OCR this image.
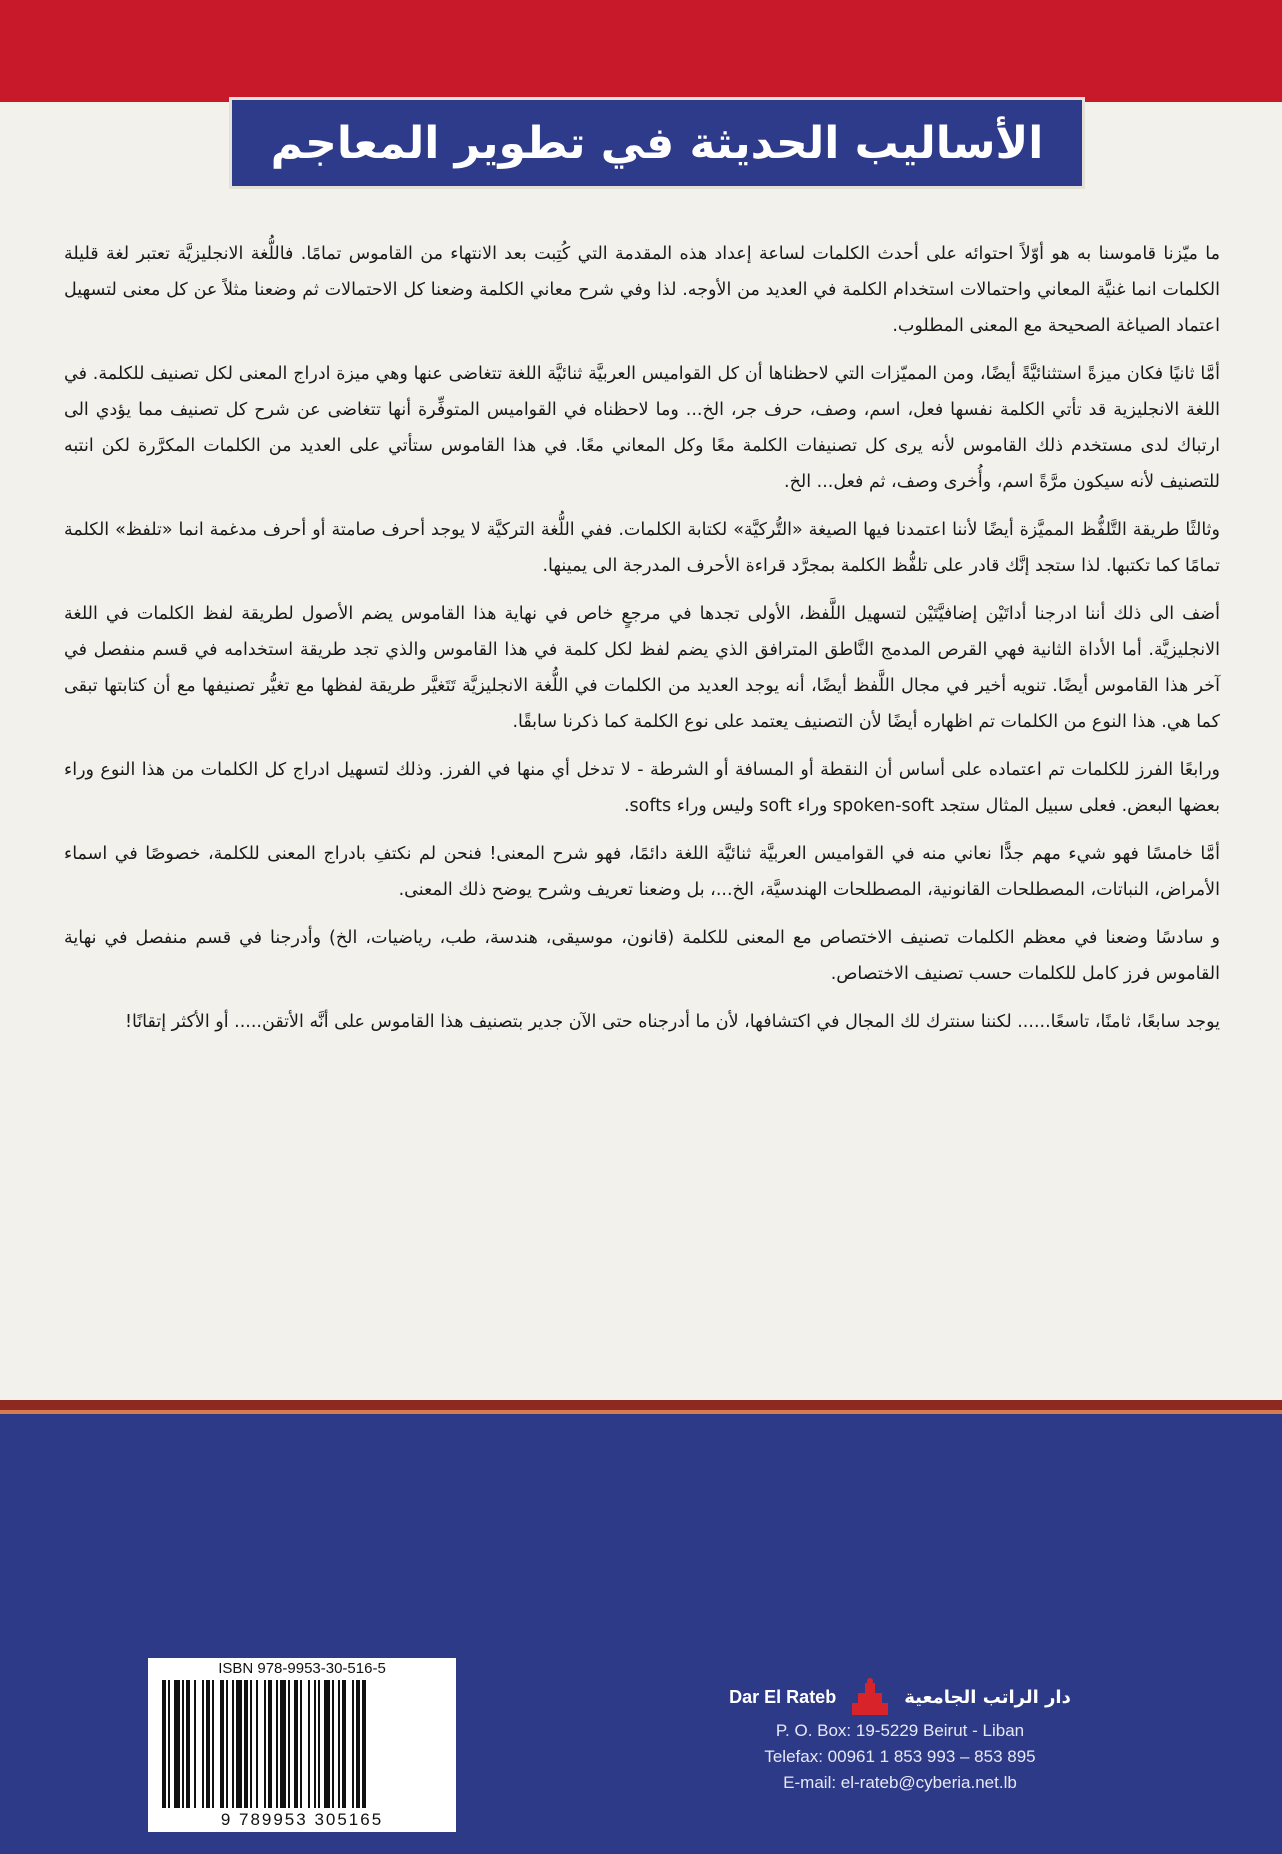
الأساليب الحديثة في تطوير المعاجم

ما ميّزنا قاموسنا به هو أوّلاً احتوائه على أحدث الكلمات لساعة إعداد هذه المقدمة التي كُتِبت بعد الانتهاء من القاموس تمامًا. فاللُّغة الانجليزيَّة تعتبر لغة قليلة الكلمات انما غنيَّة المعاني واحتمالات استخدام الكلمة في العديد من الأوجه. لذا وفي شرح معاني الكلمة وضعنا كل الاحتمالات ثم وضعنا مثلاً عن كل معنى لتسهيل اعتماد الصياغة الصحيحة مع المعنى المطلوب.

أمَّا ثانيًا فكان ميزةً استثنائيَّةً أيضًا، ومن المميّزات التي لاحظناها أن كل القواميس العربيَّة ثنائيَّة اللغة تتغاضى عنها وهي ميزة ادراج المعنى لكل تصنيف للكلمة. في اللغة الانجليزية قد تأتي الكلمة نفسها فعل، اسم، وصف، حرف جر، الخ... وما لاحظناه في القواميس المتوفِّرة أنها تتغاضى عن شرح كل تصنيف مما يؤدي الى ارتباك لدى مستخدم ذلك القاموس لأنه يرى كل تصنيفات الكلمة معًا وكل المعاني معًا. في هذا القاموس ستأتي على العديد من الكلمات المكرَّرة لكن انتبه للتصنيف لأنه سيكون مرَّةً اسم، وأُخرى وصف، ثم فعل... الخ.

وثالثًا طريقة التَّلفُّظ المميَّزة أيضًا لأننا اعتمدنا فيها الصيغة «التُّركيَّة» لكتابة الكلمات. ففي اللُّغة التركيَّة لا يوجد أحرف صامتة أو أحرف مدغمة انما «تلفظ» الكلمة تمامًا كما تكتبها. لذا ستجد إنَّك قادر على تلفُّظ الكلمة بمجرَّد قراءة الأحرف المدرجة الى يمينها.

أضف الى ذلك أننا ادرجنا أداتَيْن إضافيَّتَيْن لتسهيل اللَّفظ، الأولى تجدها في مرجعٍ خاص في نهاية هذا القاموس يضم الأصول لطريقة لفظ الكلمات في اللغة الانجليزيَّة. أما الأداة الثانية فهي القرص المدمج النَّاطق المترافق الذي يضم لفظ لكل كلمة في هذا القاموس والذي تجد طريقة استخدامه في قسم منفصل في آخر هذا القاموس أيضًا. تنويه أخير في مجال اللَّفظ أيضًا، أنه يوجد العديد من الكلمات في اللُّغة الانجليزيَّة تَتَغيَّر طريقة لفظها مع تغيُّر تصنيفها مع أن كتابتها تبقى كما هي. هذا النوع من الكلمات تم اظهاره أيضًا لأن التصنيف يعتمد على نوع الكلمة كما ذكرنا سابقًا.

ورابعًا الفرز للكلمات تم اعتماده على أساس أن النقطة أو المسافة أو الشرطة - لا تدخل أي منها في الفرز. وذلك لتسهيل ادراج كل الكلمات من هذا النوع وراء بعضها البعض. فعلى سبيل المثال ستجد spoken-soft وراء soft وليس وراء softs.

أمَّا خامسًا فهو شيء مهم جدًّا نعاني منه في القواميس العربيَّة ثنائيَّة اللغة دائمًا، فهو شرح المعنى! فنحن لم نكتفِ بادراج المعنى للكلمة، خصوصًا في اسماء الأمراض، النباتات، المصطلحات القانونية، المصطلحات الهندسيَّة، الخ...، بل وضعنا تعريف وشرح يوضح ذلك المعنى.

و سادسًا وضعنا في معظم الكلمات تصنيف الاختصاص مع المعنى للكلمة (قانون، موسيقى، هندسة، طب، رياضيات، الخ) وأدرجنا في قسم منفصل في نهاية القاموس فرز كامل للكلمات حسب تصنيف الاختصاص.

يوجد سابعًا، ثامنًا، تاسعًا...... لكننا سنترك لك المجال في اكتشافها، لأن ما أدرجناه حتى الآن جدير بتصنيف هذا القاموس على أنَّه الأتقن..... أو الأكثر إتقانًا!

ISBN 978-9953-30-516-5
9 789953 305165
Dar El Rateb	دار الراتب الجامعية
P. O. Box: 19-5229 Beirut - Liban
Telefax: 00961 1 853 993 – 853 895
E-mail: el-rateb@cyberia.net.lb
